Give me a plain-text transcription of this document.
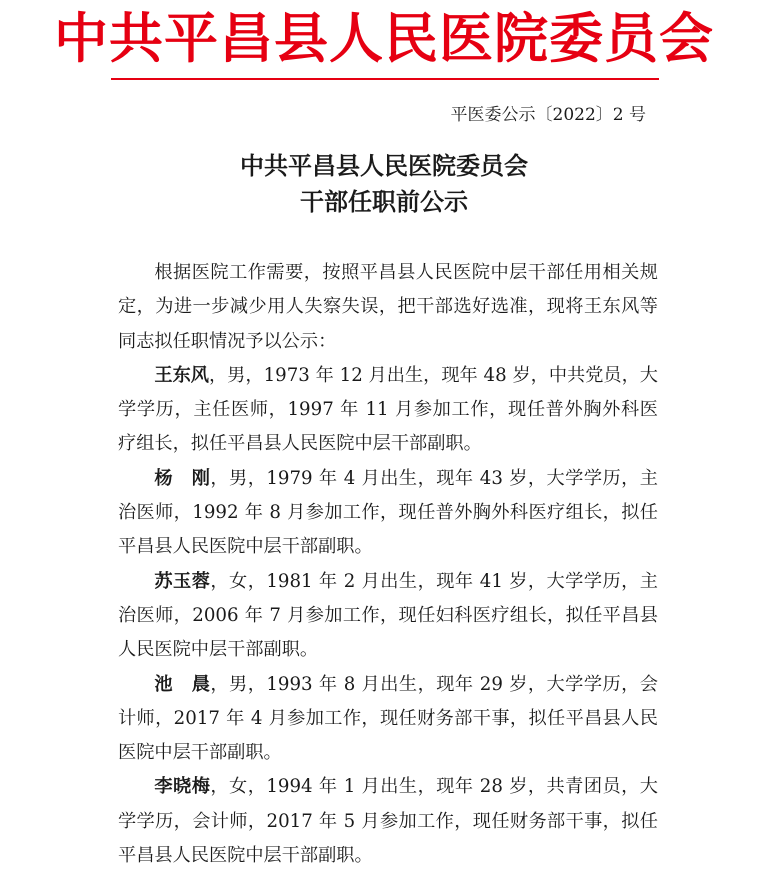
中共平昌县人民医院委员会
平医委公示〔2022〕2 号
中共平昌县人民医院委员会
干部任职前公示

根据医院工作需要，按照平昌县人民医院中层干部任用相关规定，为进一步减少用人失察失误，把干部选好选准，现将王东风等同志拟任职情况予以公示：

王东风，男，1973 年 12 月出生，现年 48 岁，中共党员，大学学历，主任医师，1997 年 11 月参加工作，现任普外胸外科医疗组长，拟任平昌县人民医院中层干部副职。

杨　刚，男，1979 年 4 月出生，现年 43 岁，大学学历，主治医师，1992 年 8 月参加工作，现任普外胸外科医疗组长，拟任平昌县人民医院中层干部副职。

苏玉蓉，女，1981 年 2 月出生，现年 41 岁，大学学历，主治医师，2006 年 7 月参加工作，现任妇科医疗组长，拟任平昌县人民医院中层干部副职。

池　晨，男，1993 年 8 月出生，现年 29 岁，大学学历，会计师，2017 年 4 月参加工作，现任财务部干事，拟任平昌县人民医院中层干部副职。

李晓梅，女，1994 年 1 月出生，现年 28 岁，共青团员，大学学历，会计师，2017 年 5 月参加工作，现任财务部干事，拟任平昌县人民医院中层干部副职。
